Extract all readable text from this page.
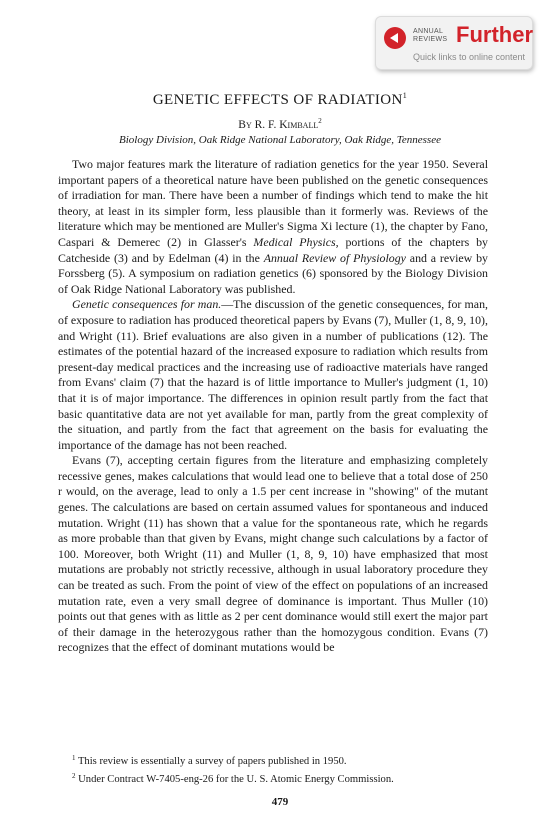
ANNUAL
REVIEWS Further
Quick links to online content
GENETIC EFFECTS OF RADIATION$^1$
By R. F. Kimball$^2$
Biology Division, Oak Ridge National Laboratory, Oak Ridge, Tennessee

Two major features mark the literature of radiation genetics for the year 1950. Several important papers of a theoretical nature have been published on the genetic consequences of irradiation for man. There have been a number of findings which tend to make the hit theory, at least in its simpler form, less plausible than it formerly was. Reviews of the literature which may be mentioned are Muller's Sigma Xi lecture (1), the chapter by Fano, Caspari & Demerec (2) in Glasser's Medical Physics, portions of the chapters by Catcheside (3) and by Edelman (4) in the Annual Review of Physiology and a review by Forssberg (5). A symposium on radiation genetics (6) sponsored by the Biology Division of Oak Ridge National Laboratory was published.

Genetic consequences for man.—The discussion of the genetic consequences, for man, of exposure to radiation has produced theoretical papers by Evans (7), Muller (1, 8, 9, 10), and Wright (11). Brief evaluations are also given in a number of publications (12). The estimates of the potential hazard of the increased exposure to radiation which results from present-day medical practices and the increasing use of radioactive materials have ranged from Evans' claim (7) that the hazard is of little importance to Muller's judgment (1, 10) that it is of major importance. The differences in opinion result partly from the fact that basic quantitative data are not yet available for man, partly from the great complexity of the situation, and partly from the fact that agreement on the basis for evaluating the importance of the damage has not been reached.

Evans (7), accepting certain figures from the literature and emphasizing completely recessive genes, makes calculations that would lead one to believe that a total dose of 250 r would, on the average, lead to only a 1.5 per cent increase in "showing" of the mutant genes. The calculations are based on certain assumed values for spontaneous and induced mutation. Wright (11) has shown that a value for the spontaneous rate, which he regards as more probable than that given by Evans, might change such calculations by a factor of 100. Moreover, both Wright (11) and Muller (1, 8, 9, 10) have emphasized that most mutations are probably not strictly recessive, although in usual laboratory procedure they can be treated as such. From the point of view of the effect on populations of an increased mutation rate, even a very small degree of dominance is important. Thus Muller (10) points out that genes with as little as 2 per cent dominance would still exert the major part of their damage in the heterozygous rather than the homozygous condition. Evans (7) recognizes that the effect of dominant mutations would be

$^1$ This review is essentially a survey of papers published in 1950.

$^2$ Under Contract W-7405-eng-26 for the U. S. Atomic Energy Commission.

479
